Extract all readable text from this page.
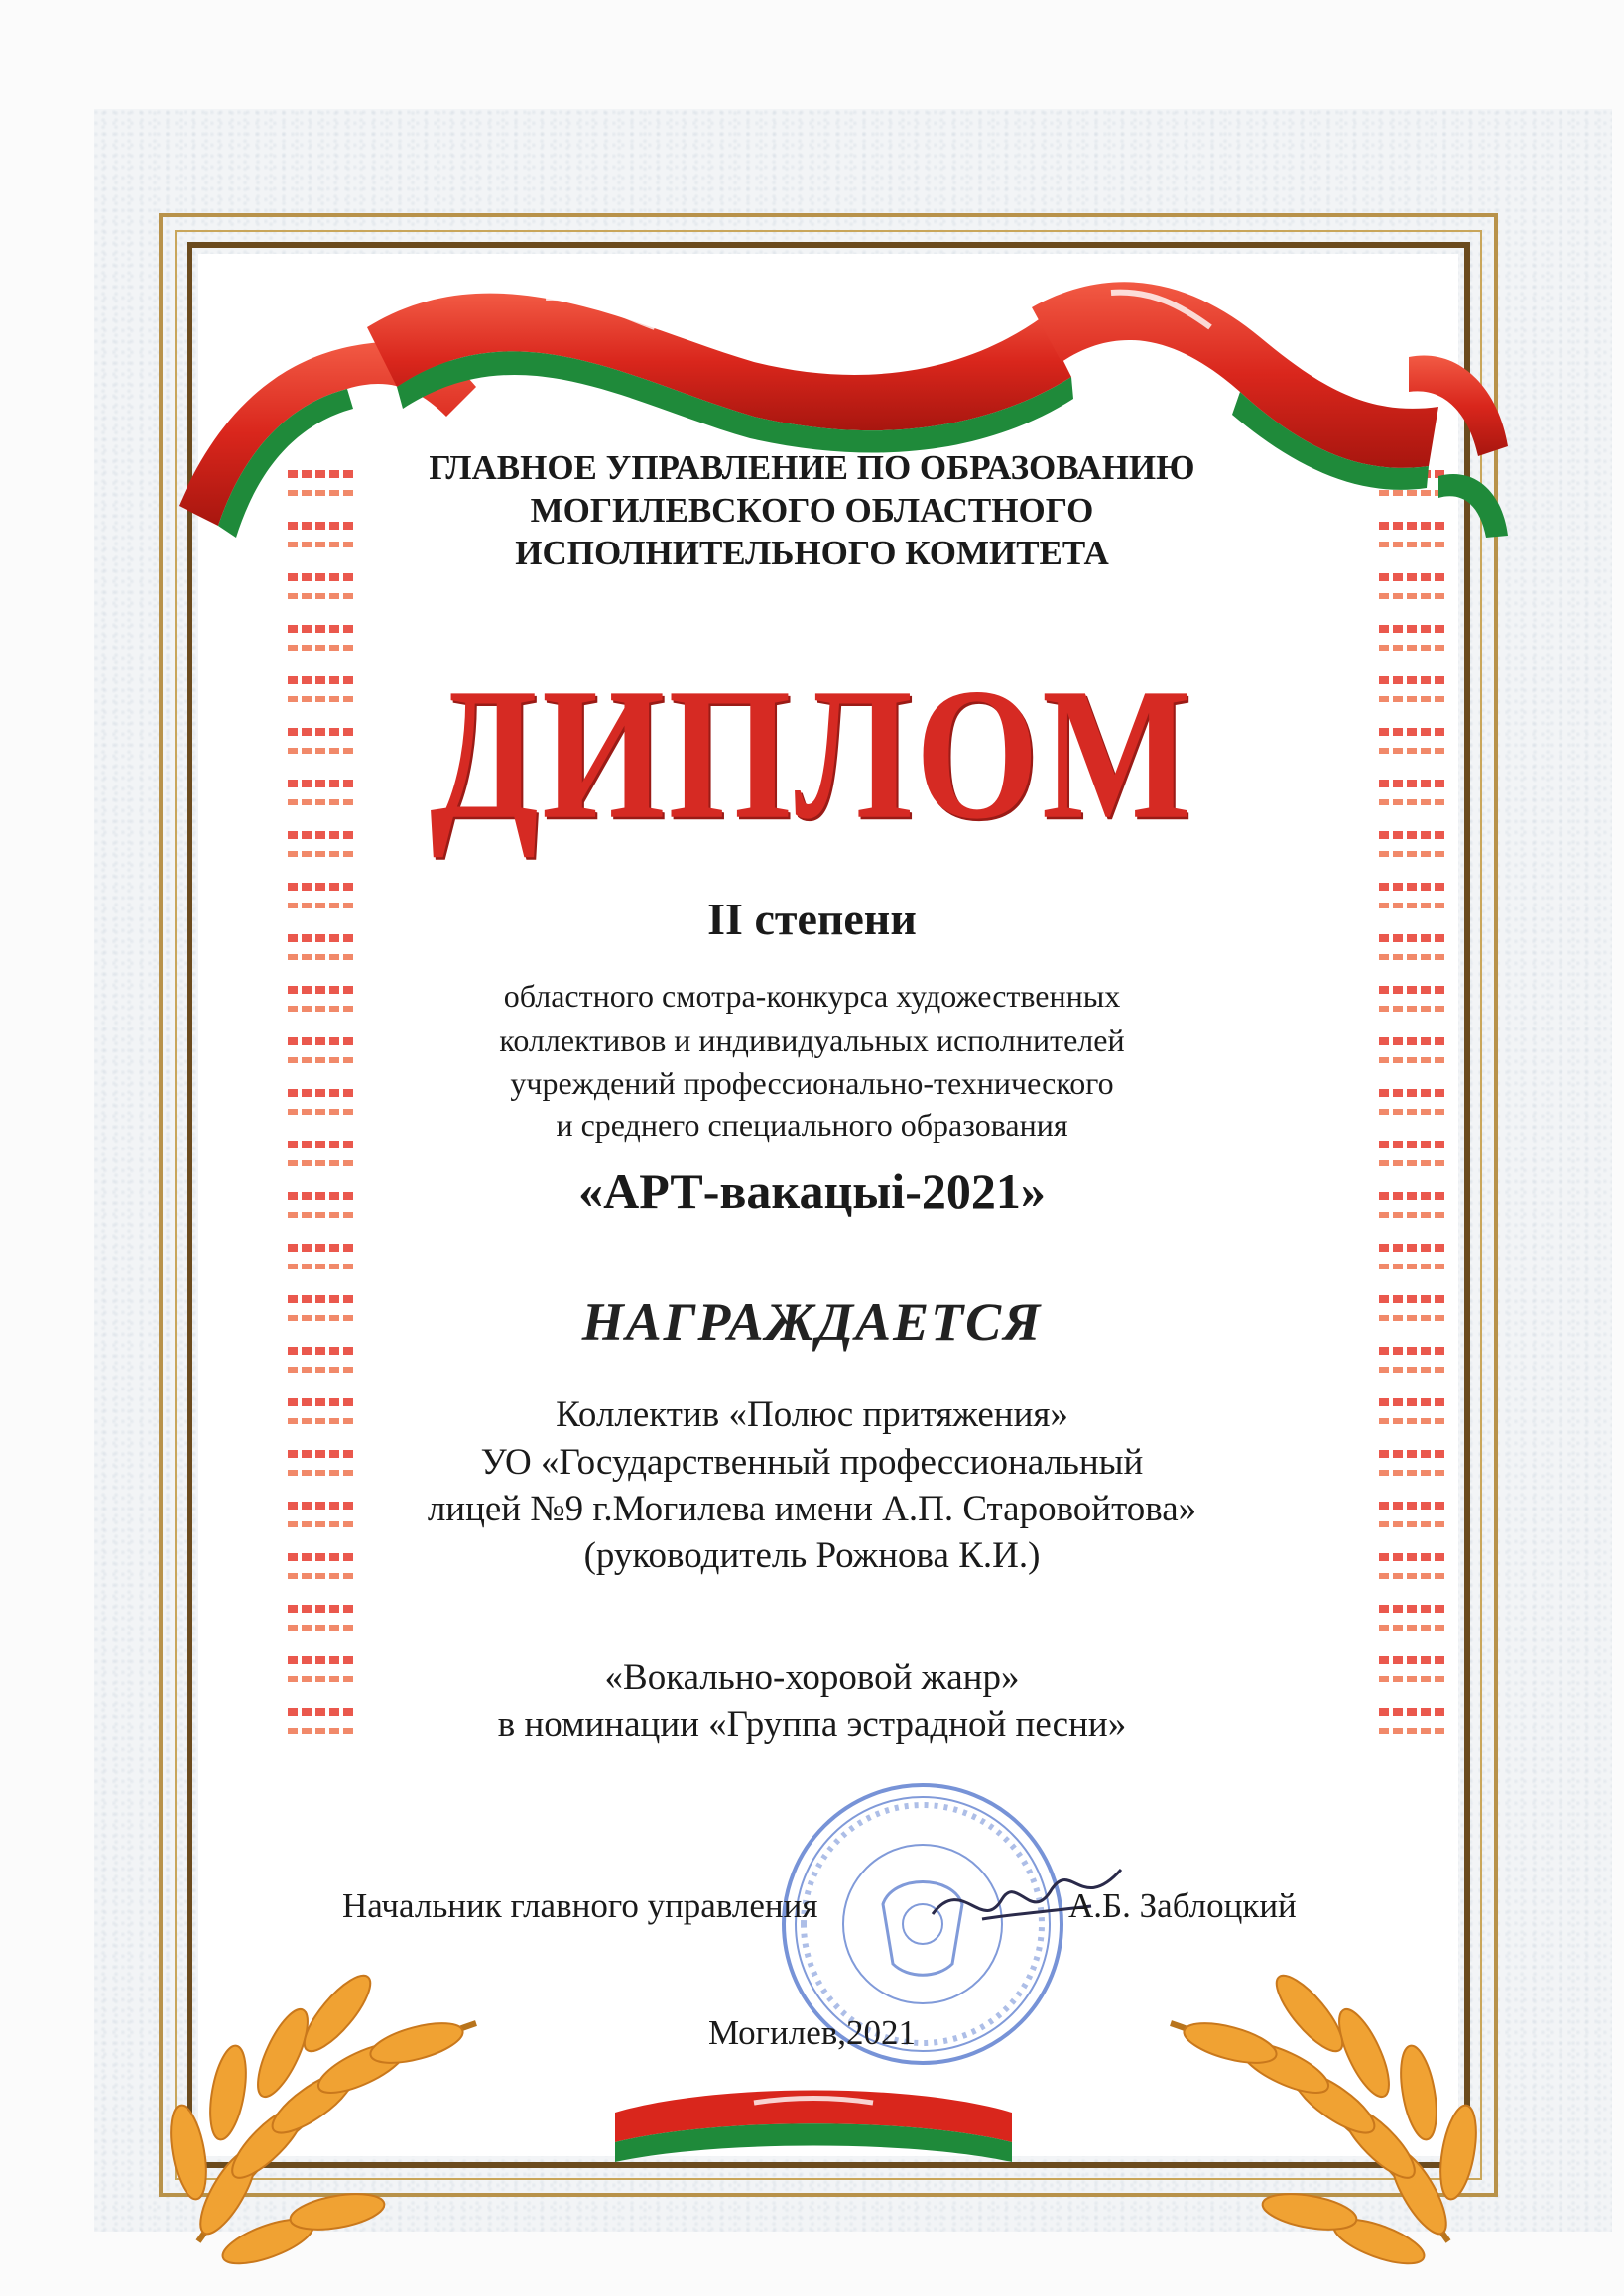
ГЛАВНОЕ УПРАВЛЕНИЕ ПО ОБРАЗОВАНИЮ
МОГИЛЕВСКОГО ОБЛАСТНОГО
ИСПОЛНИТЕЛЬНОГО КОМИТЕТА
ДИПЛОМ
II степени
областного смотра-конкурса художественных
коллективов и индивидуальных исполнителей
учреждений профессионально-технического
и среднего специального образования
«АРТ-вакацыі-2021»
НАГРАЖДАЕТСЯ
Коллектив «Полюс притяжения»
УО «Государственный профессиональный
лицей №9 г.Могилева имени А.П. Старовойтова»
(руководитель Рожнова К.И.)
«Вокально-хоровой жанр»
в номинации «Группа эстрадной песни»
Начальник главного управления	А.Б. Заблоцкий
Могилев,2021
